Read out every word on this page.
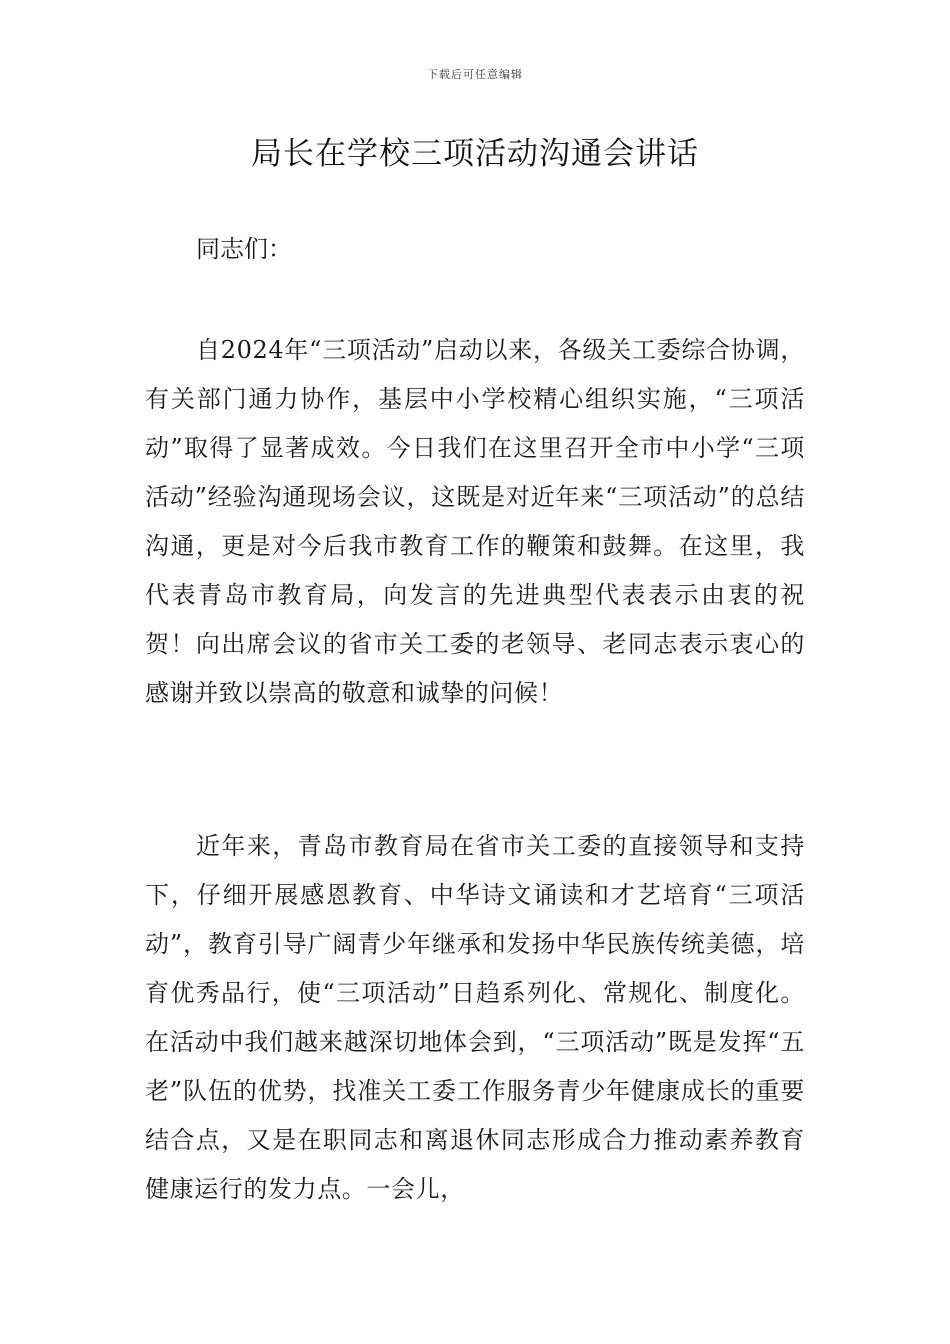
下载后可任意编辑
局长在学校三项活动沟通会讲话

同志们：

自2024年“三项活动”启动以来，各级关工委综合协调，有关部门通力协作，基层中小学校精心组织实施，“三项活动”取得了显著成效。今日我们在这里召开全市中小学“三项活动”经验沟通现场会议，这既是对近年来“三项活动”的总结沟通，更是对今后我市教育工作的鞭策和鼓舞。在这里，我代表青岛市教育局，向发言的先进典型代表表示由衷的祝贺！向出席会议的省市关工委的老领导、老同志表示衷心的感谢并致以崇高的敬意和诚挚的问候！

近年来，青岛市教育局在省市关工委的直接领导和支持下，仔细开展感恩教育、中华诗文诵读和才艺培育“三项活动”，教育引导广阔青少年继承和发扬中华民族传统美德，培育优秀品行，使“三项活动”日趋系列化、常规化、制度化。在活动中我们越来越深切地体会到，“三项活动”既是发挥“五老”队伍的优势，找准关工委工作服务青少年健康成长的重要结合点，又是在职同志和离退休同志形成合力推动素养教育健康运行的发力点。一会儿，
